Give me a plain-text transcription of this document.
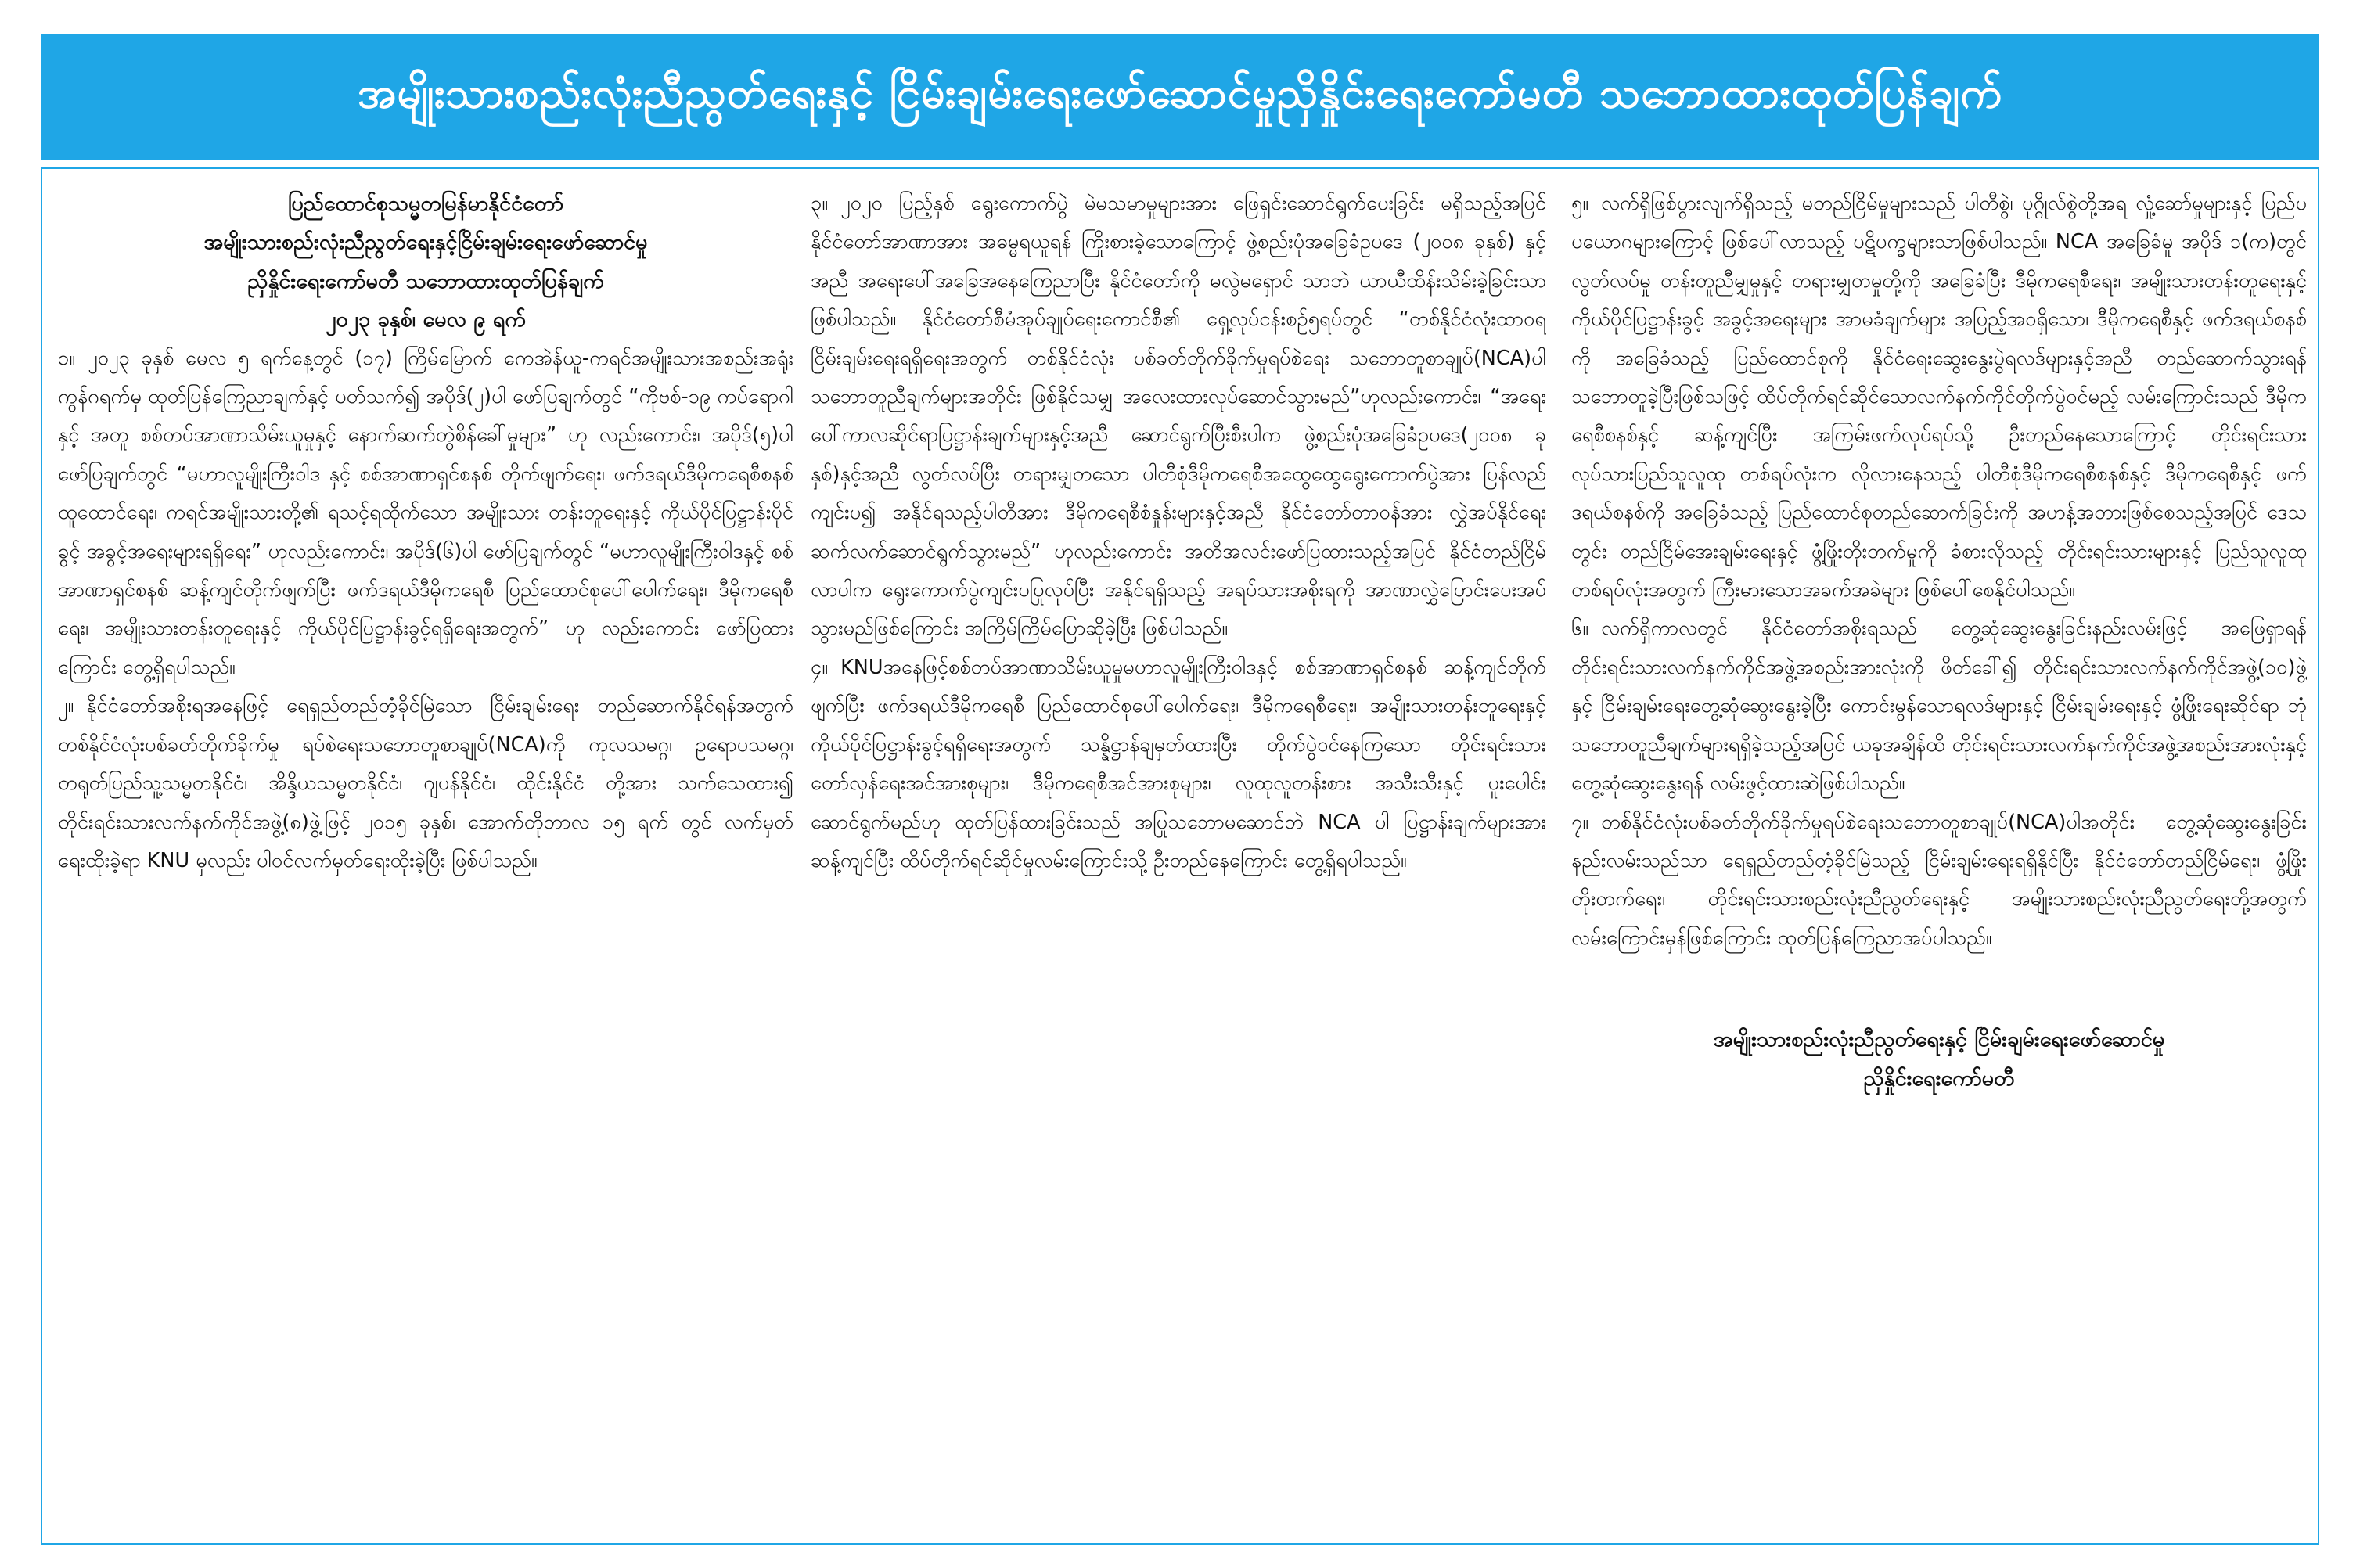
အမျိုးသားစည်းလုံးညီညွတ်ရေးနှင့် ငြိမ်းချမ်းရေးဖော်ဆောင်မှုညှိနှိုင်းရေးကော်မတီ သဘောထားထုတ်ပြန်ချက်

ပြည်ထောင်စုသမ္မတမြန်မာနိုင်ငံတော်

အမျိုးသားစည်းလုံးညီညွတ်ရေးနှင့်ငြိမ်းချမ်းရေးဖော်ဆောင်မှု

ညှိနှိုင်းရေးကော်မတီ သဘောထားထုတ်ပြန်ချက်

၂၀၂၃ ခုနှစ်၊ မေလ ၉ ရက်

၁။ ၂၀၂၃ ခုနှစ် မေလ ၅ ရက်နေ့တွင် (၁၇) ကြိမ်မြောက် ကေအဲန်ယူ-ကရင်အမျိုးသားအစည်းအရုံးကွန်ဂရက်မှ ထုတ်ပြန်ကြေညာချက်နှင့် ပတ်သက်၍ အပိုဒ်(၂)ပါ ဖော်ပြချက်တွင် “ကိုဗစ်-၁၉ ကပ်ရောဂါနှင့် အတူ စစ်တပ်အာဏာသိမ်းယူမှုနှင့် နောက်ဆက်တွဲစိန်ခေါ်မှုများ” ဟု လည်းကောင်း၊ အပိုဒ်(၅)ပါ ဖော်ပြချက်တွင် “မဟာလူမျိုးကြီးဝါဒ နှင့် စစ်အာဏာရှင်စနစ် တိုက်ဖျက်ရေး၊ ဖက်ဒရယ်ဒီမိုကရေစီစနစ် ထူထောင်ရေး၊ ကရင်အမျိုးသားတို့၏ ရသင့်ရထိုက်သော အမျိုးသား တန်းတူရေးနှင့် ကိုယ်ပိုင်ပြဋ္ဌာန်းပိုင်ခွင့် အခွင့်အရေးများရရှိရေး” ဟုလည်းကောင်း၊ အပိုဒ်(၆)ပါ ဖော်ပြချက်တွင် “မဟာလူမျိုးကြီးဝါဒနှင့် စစ်အာဏာရှင်စနစ် ဆန့်ကျင်တိုက်ဖျက်ပြီး ဖက်ဒရယ်ဒီမိုကရေစီ ပြည်ထောင်စုပေါ်ပေါက်ရေး၊ ဒီမိုကရေစီရေး၊ အမျိုးသားတန်းတူရေးနှင့် ကိုယ်ပိုင်ပြဋ္ဌာန်းခွင့်ရရှိရေးအတွက်” ဟု လည်းကောင်း ဖော်ပြထားကြောင်း တွေ့ရှိရပါသည်။

၂။ နိုင်ငံတော်အစိုးရအနေဖြင့် ရေရှည်တည်တံ့ခိုင်မြဲသော ငြိမ်းချမ်းရေး တည်ဆောက်နိုင်ရန်အတွက် တစ်နိုင်ငံလုံးပစ်ခတ်တိုက်ခိုက်မှု ရပ်စဲရေးသဘောတူစာချုပ်(NCA)ကို ကုလသမဂ္ဂ၊ ဥရောပသမဂ္ဂ၊ တရုတ်ပြည်သူ့သမ္မတနိုင်ငံ၊ အိန္ဒိယသမ္မတနိုင်ငံ၊ ဂျပန်နိုင်ငံ၊ ထိုင်းနိုင်ငံ တို့အား သက်သေထား၍ တိုင်းရင်းသားလက်နက်ကိုင်အဖွဲ့(၈)ဖွဲ့ဖြင့် ၂၀၁၅ ခုနှစ်၊ အောက်တိုဘာလ ၁၅ ရက် တွင် လက်မှတ်ရေးထိုးခဲ့ရာ KNU မှလည်း ပါဝင်လက်မှတ်ရေးထိုးခဲ့ပြီး ဖြစ်ပါသည်။

၃။ ၂၀၂၀ ပြည့်နှစ် ရွေးကောက်ပွဲ မဲမသမာမှုများအား ဖြေရှင်းဆောင်ရွက်ပေးခြင်း မရှိသည့်အပြင် နိုင်ငံတော်အာဏာအား အဓမ္မရယူရန် ကြိုးစားခဲ့သောကြောင့် ဖွဲ့စည်းပုံအခြေခံဥပဒေ (၂၀၀၈ ခုနှစ်) နှင့်အညီ အရေးပေါ်အခြေအနေကြေညာပြီး နိုင်ငံတော်ကို မလွဲမရှောင် သာဘဲ ယာယီထိန်းသိမ်းခဲ့ခြင်းသာဖြစ်ပါသည်။ နိုင်ငံတော်စီမံအုပ်ချုပ်ရေးကောင်စီ၏ ရှေ့လုပ်ငန်းစဉ်၅ရပ်တွင် “တစ်နိုင်ငံလုံးထာဝရငြိမ်းချမ်းရေးရရှိရေးအတွက် တစ်နိုင်ငံလုံး ပစ်ခတ်တိုက်ခိုက်မှုရပ်စဲရေး သဘောတူစာချုပ်(NCA)ပါ သဘောတူညီချက်များအတိုင်း ဖြစ်နိုင်သမျှ အလေးထားလုပ်ဆောင်သွားမည်”ဟုလည်းကောင်း၊ “အရေးပေါ်ကာလဆိုင်ရာပြဋ္ဌာန်းချက်များနှင့်အညီ ဆောင်ရွက်ပြီးစီးပါက ဖွဲ့စည်းပုံအခြေခံဥပဒေ(၂၀၀၈ ခုနှစ်)နှင့်အညီ လွတ်လပ်ပြီး တရားမျှတသော ပါတီစုံဒီမိုကရေစီအထွေထွေရွေးကောက်ပွဲအား ပြန်လည်ကျင်းပ၍ အနိုင်ရသည့်ပါတီအား ဒီမိုကရေစီစံနှုန်းများနှင့်အညီ နိုင်ငံတော်တာဝန်အား လွှဲအပ်နိုင်ရေး ဆက်လက်ဆောင်ရွက်သွားမည်” ဟုလည်းကောင်း အတိအလင်းဖော်ပြထားသည့်အပြင် နိုင်ငံတည်ငြိမ်လာပါက ရွေးကောက်ပွဲကျင်းပပြုလုပ်ပြီး အနိုင်ရရှိသည့် အရပ်သားအစိုးရကို အာဏာလွှဲပြောင်းပေးအပ်သွားမည်ဖြစ်ကြောင်း အကြိမ်ကြိမ်ပြောဆိုခဲ့ပြီး ဖြစ်ပါသည်။

၄။ KNUအနေဖြင့်စစ်တပ်အာဏာသိမ်းယူမှုမဟာလူမျိုးကြီးဝါဒနှင့် စစ်အာဏာရှင်စနစ် ဆန့်ကျင်တိုက်ဖျက်ပြီး ဖက်ဒရယ်ဒီမိုကရေစီ ပြည်ထောင်စုပေါ်ပေါက်ရေး၊ ဒီမိုကရေစီရေး၊ အမျိုးသားတန်းတူရေးနှင့် ကိုယ်ပိုင်ပြဋ္ဌာန်းခွင့်ရရှိရေးအတွက် သန္နိဋ္ဌာန်ချမှတ်ထားပြီး တိုက်ပွဲဝင်နေကြသော တိုင်းရင်းသားတော်လှန်ရေးအင်အားစုများ၊ ဒီမိုကရေစီအင်အားစုများ၊ လူထုလူတန်းစား အသီးသီးနှင့် ပူးပေါင်းဆောင်ရွက်မည်ဟု ထုတ်ပြန်ထားခြင်းသည် အပြုသဘောမဆောင်ဘဲ NCA ပါ ပြဋ္ဌာန်းချက်များအား ဆန့်ကျင်ပြီး ထိပ်တိုက်ရင်ဆိုင်မှုလမ်းကြောင်းသို့ ဦးတည်နေကြောင်း တွေ့ရှိရပါသည်။

၅။ လက်ရှိဖြစ်ပွားလျက်ရှိသည့် မတည်ငြိမ်မှုများသည် ပါတီစွဲ၊ ပုဂ္ဂိုလ်စွဲတို့အရ လှုံ့ဆော်မှုများနှင့် ပြည်ပ ပယောဂများကြောင့် ဖြစ်ပေါ်လာသည့် ပဋိပက္ခများသာဖြစ်ပါသည်။ NCA အခြေခံမူ အပိုဒ် ၁(က)တွင် လွတ်လပ်မှု တန်းတူညီမျှမှုနှင့် တရားမျှတမှုတို့ကို အခြေခံပြီး ဒီမိုကရေစီရေး၊ အမျိုးသားတန်းတူရေးနှင့် ကိုယ်ပိုင်ပြဋ္ဌာန်းခွင့် အခွင့်အရေးများ အာမခံချက်များ အပြည့်အဝရှိသော၊ ဒီမိုကရေစီနှင့် ဖက်ဒရယ်စနစ်ကို အခြေခံသည့် ပြည်ထောင်စုကို နိုင်ငံရေးဆွေးနွေးပွဲရလဒ်များနှင့်အညီ တည်ဆောက်သွားရန် သဘောတူခဲ့ပြီးဖြစ်သဖြင့် ထိပ်တိုက်ရင်ဆိုင်သောလက်နက်ကိုင်တိုက်ပွဲဝင်မည့် လမ်းကြောင်းသည် ဒီမိုကရေစီစနစ်နှင့် ဆန့်ကျင်ပြီး အကြမ်းဖက်လုပ်ရပ်သို့ ဦးတည်နေသောကြောင့် တိုင်းရင်းသားလုပ်သားပြည်သူလူထု တစ်ရပ်လုံးက လိုလားနေသည့် ပါတီစုံဒီမိုကရေစီစနစ်နှင့် ဒီမိုကရေစီနှင့် ဖက်ဒရယ်စနစ်ကို အခြေခံသည့် ပြည်ထောင်စုတည်ဆောက်ခြင်းကို အဟန့်အတားဖြစ်စေသည့်အပြင် ဒေသတွင်း တည်ငြိမ်အေးချမ်းရေးနှင့် ဖွံ့ဖြိုးတိုးတက်မှုကို ခံစားလိုသည့် တိုင်းရင်းသားများနှင့် ပြည်သူလူထု တစ်ရပ်လုံးအတွက် ကြီးမားသောအခက်အခဲများ ဖြစ်ပေါ်စေနိုင်ပါသည်။

၆။ လက်ရှိကာလတွင် နိုင်ငံတော်အစိုးရသည် တွေ့ဆုံဆွေးနွေးခြင်းနည်းလမ်းဖြင့် အဖြေရှာရန် တိုင်းရင်းသားလက်နက်ကိုင်အဖွဲ့အစည်းအားလုံးကို ဖိတ်ခေါ်၍ တိုင်းရင်းသားလက်နက်ကိုင်အဖွဲ့(၁၀)ဖွဲ့နှင့် ငြိမ်းချမ်းရေးတွေ့ဆုံဆွေးနွေးခဲ့ပြီး ကောင်းမွန်သောရလဒ်များနှင့် ငြိမ်းချမ်းရေးနှင့် ဖွံ့ဖြိုးရေးဆိုင်ရာ ဘုံသဘောတူညီချက်များရရှိခဲ့သည့်အပြင် ယခုအချိန်ထိ တိုင်းရင်းသားလက်နက်ကိုင်အဖွဲ့အစည်းအားလုံးနှင့် တွေ့ဆုံဆွေးနွေးရန် လမ်းဖွင့်ထားဆဲဖြစ်ပါသည်။

၇။ တစ်နိုင်ငံလုံးပစ်ခတ်တိုက်ခိုက်မှုရပ်စဲရေးသဘောတူစာချုပ်(NCA)ပါအတိုင်း တွေ့ဆုံဆွေးနွေးခြင်းနည်းလမ်းသည်သာ ရေရှည်တည်တံ့ခိုင်မြဲသည့် ငြိမ်းချမ်းရေးရရှိနိုင်ပြီး နိုင်ငံတော်တည်ငြိမ်ရေး၊ ဖွံ့ဖြိုးတိုးတက်ရေး၊ တိုင်းရင်းသားစည်းလုံးညီညွတ်ရေးနှင့် အမျိုးသားစည်းလုံးညီညွတ်ရေးတို့အတွက် လမ်းကြောင်းမှန်ဖြစ်ကြောင်း ထုတ်ပြန်ကြေညာအပ်ပါသည်။

အမျိုးသားစည်းလုံးညီညွတ်ရေးနှင့် ငြိမ်းချမ်းရေးဖော်ဆောင်မှု

ညှိနှိုင်းရေးကော်မတီ
